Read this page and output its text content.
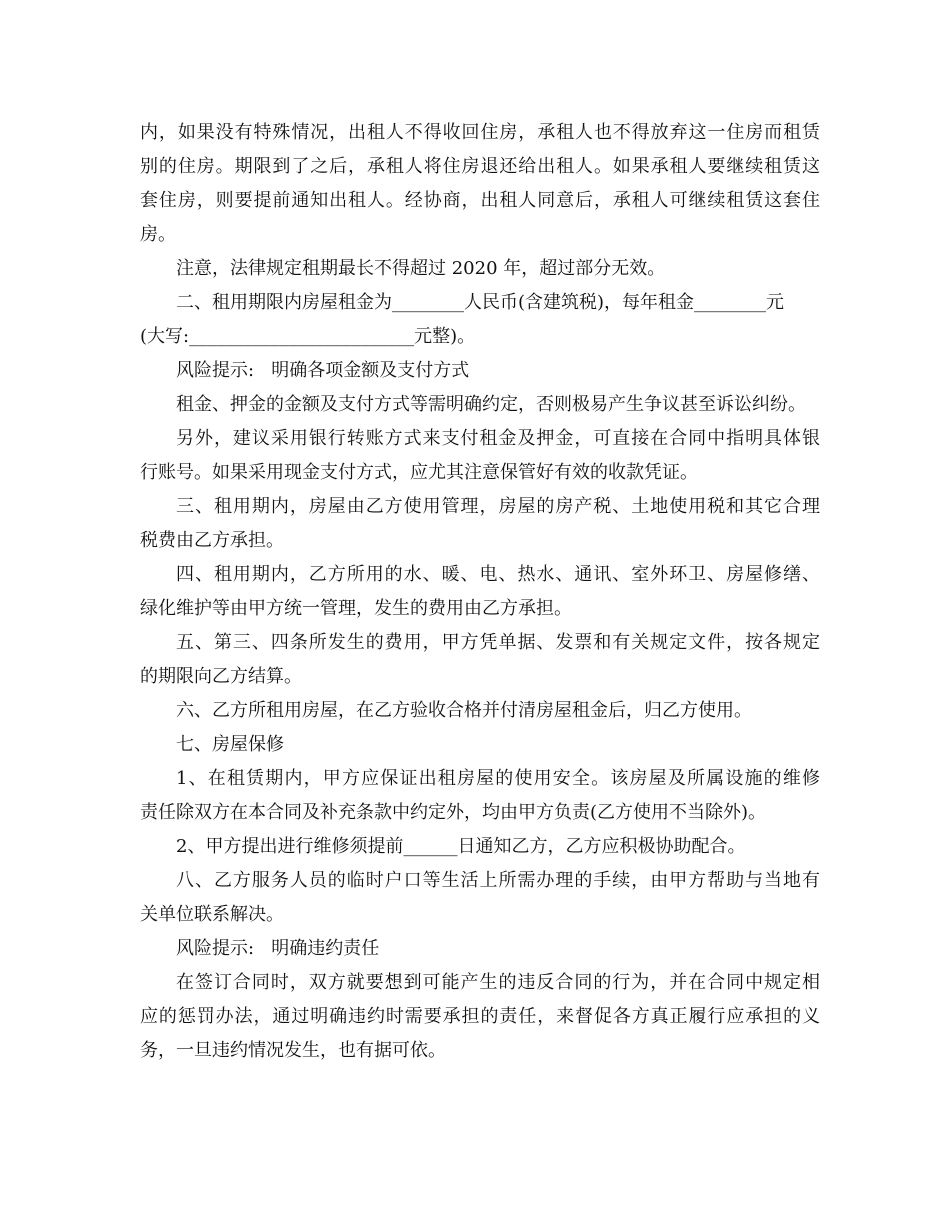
内，如果没有特殊情况，出租人不得收回住房，承租人也不得放弃这一住房而租赁
别的住房。期限到了之后，承租人将住房退还给出租人。如果承租人要继续租赁这
套住房，则要提前通知出租人。经协商，出租人同意后，承租人可继续租赁这套住
房。
注意，法律规定租期最长不得超过 2020 年，超过部分无效。
二、租用期限内房屋租金为________人民币(含建筑税)，每年租金________元
(大写:_________________________元整)。
风险提示:   明确各项金额及支付方式
租金、押金的金额及支付方式等需明确约定，否则极易产生争议甚至诉讼纠纷。
另外，建议采用银行转账方式来支付租金及押金，可直接在合同中指明具体银
行账号。如果采用现金支付方式，应尤其注意保管好有效的收款凭证。
三、租用期内，房屋由乙方使用管理，房屋的房产税、土地使用税和其它合理
税费由乙方承担。
四、租用期内，乙方所用的水、暖、电、热水、通讯、室外环卫、房屋修缮、
绿化维护等由甲方统一管理，发生的费用由乙方承担。
五、第三、四条所发生的费用，甲方凭单据、发票和有关规定文件，按各规定
的期限向乙方结算。
六、乙方所租用房屋，在乙方验收合格并付清房屋租金后，归乙方使用。
七、房屋保修
1、在租赁期内，甲方应保证出租房屋的使用安全。该房屋及所属设施的维修
责任除双方在本合同及补充条款中约定外，均由甲方负责(乙方使用不当除外)。
2、甲方提出进行维修须提前______日通知乙方，乙方应积极协助配合。
八、乙方服务人员的临时户口等生活上所需办理的手续，由甲方帮助与当地有
关单位联系解决。
风险提示:   明确违约责任
在签订合同时，双方就要想到可能产生的违反合同的行为，并在合同中规定相
应的惩罚办法，通过明确违约时需要承担的责任，来督促各方真正履行应承担的义
务，一旦违约情况发生，也有据可依。
